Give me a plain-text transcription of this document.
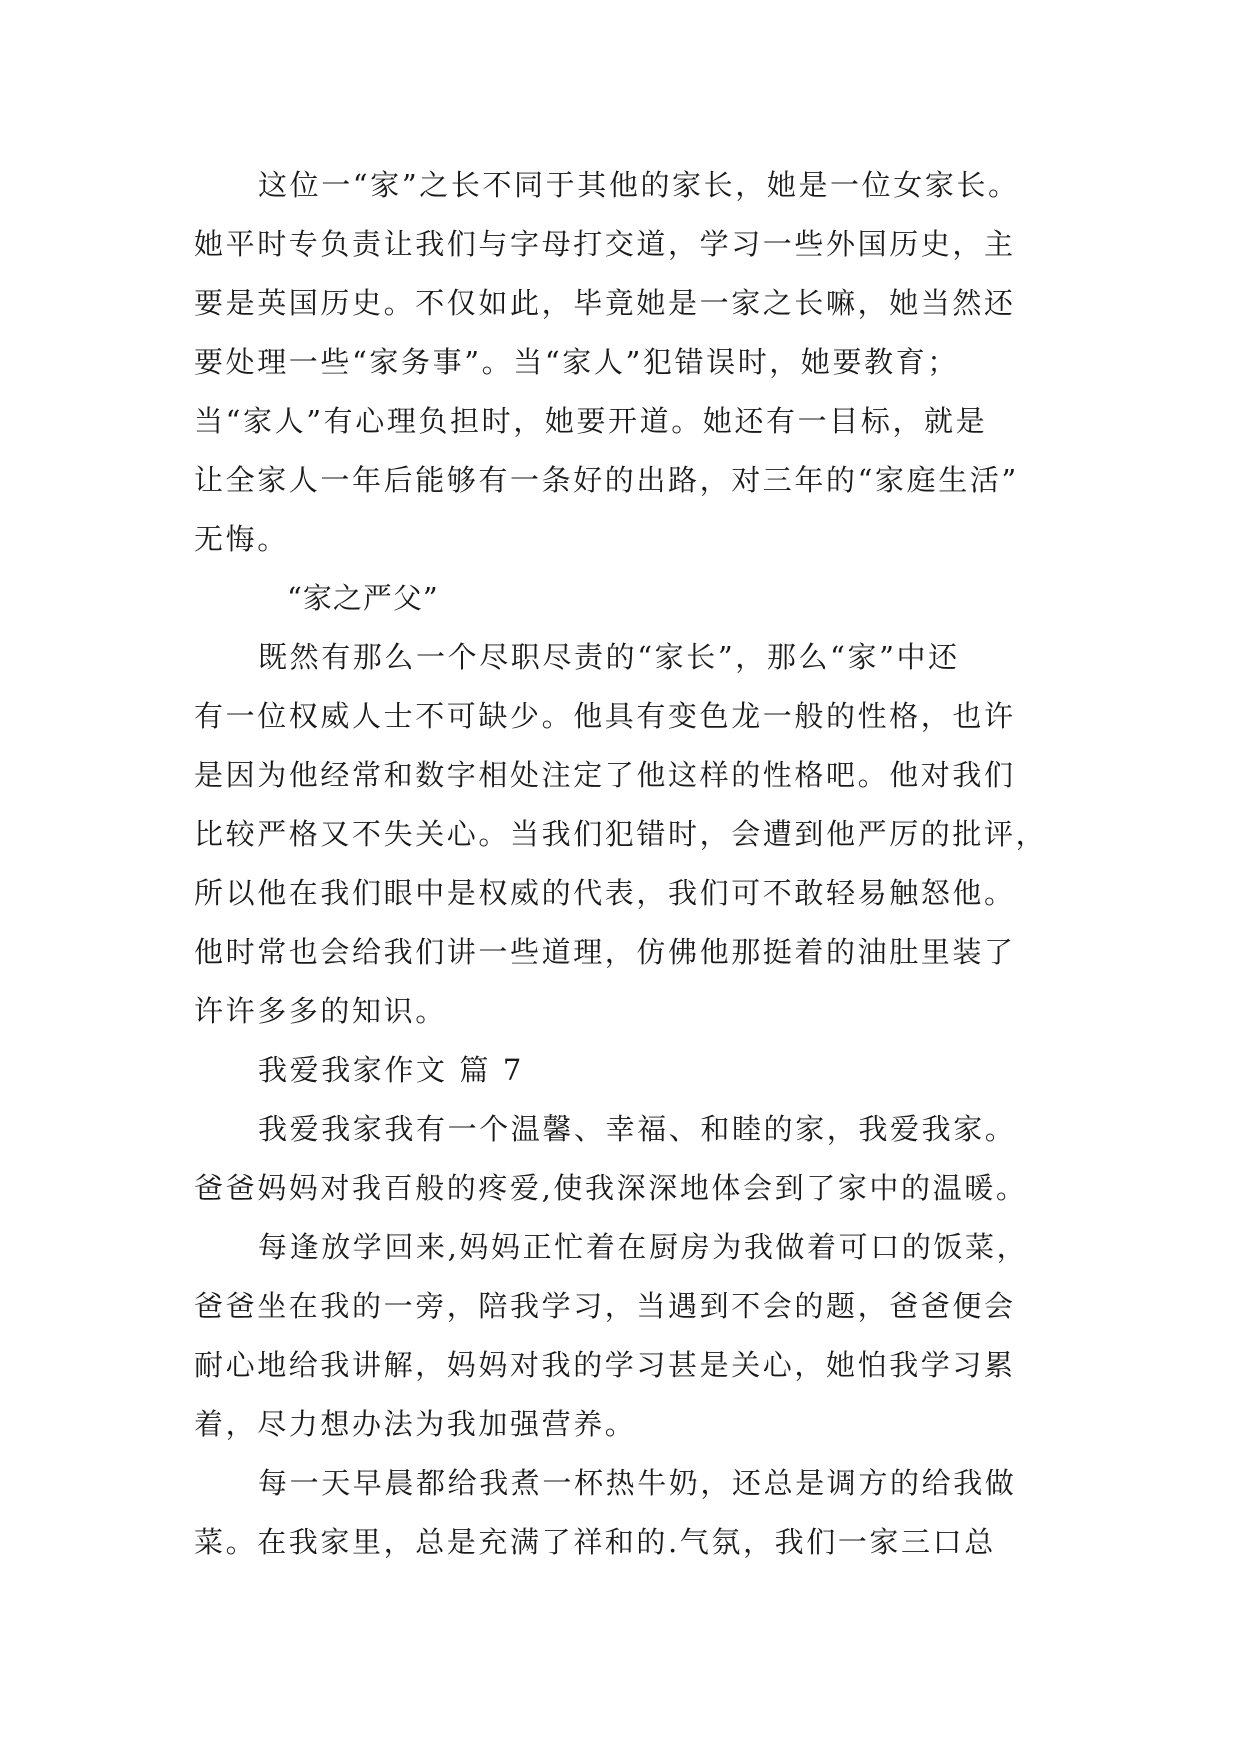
这位一“家”之长不同于其他的家长，她是一位女家长。

她平时专负责让我们与字母打交道，学习一些外国历史，主

要是英国历史。不仅如此，毕竟她是一家之长嘛，她当然还

要处理一些“家务事”。当“家人”犯错误时，她要教育；

当“家人”有心理负担时，她要开道。她还有一目标，就是

让全家人一年后能够有一条好的出路，对三年的“家庭生活”

无悔。

“家之严父”

既然有那么一个尽职尽责的“家长”，那么“家”中还

有一位权威人士不可缺少。他具有变色龙一般的性格，也许

是因为他经常和数字相处注定了他这样的性格吧。他对我们

比较严格又不失关心。当我们犯错时，会遭到他严厉的批评，

所以他在我们眼中是权威的代表，我们可不敢轻易触怒他。

他时常也会给我们讲一些道理，仿佛他那挺着的油肚里装了

许许多多的知识。

我爱我家作文 篇 7

我爱我家我有一个温馨、幸福、和睦的家，我爱我家。

爸爸妈妈对我百般的疼爱,使我深深地体会到了家中的温暖。

每逢放学回来,妈妈正忙着在厨房为我做着可口的饭菜，

爸爸坐在我的一旁，陪我学习，当遇到不会的题，爸爸便会

耐心地给我讲解，妈妈对我的学习甚是关心，她怕我学习累

着，尽力想办法为我加强营养。

每一天早晨都给我煮一杯热牛奶，还总是调方的给我做

菜。在我家里，总是充满了祥和的.气氛，我们一家三口总
